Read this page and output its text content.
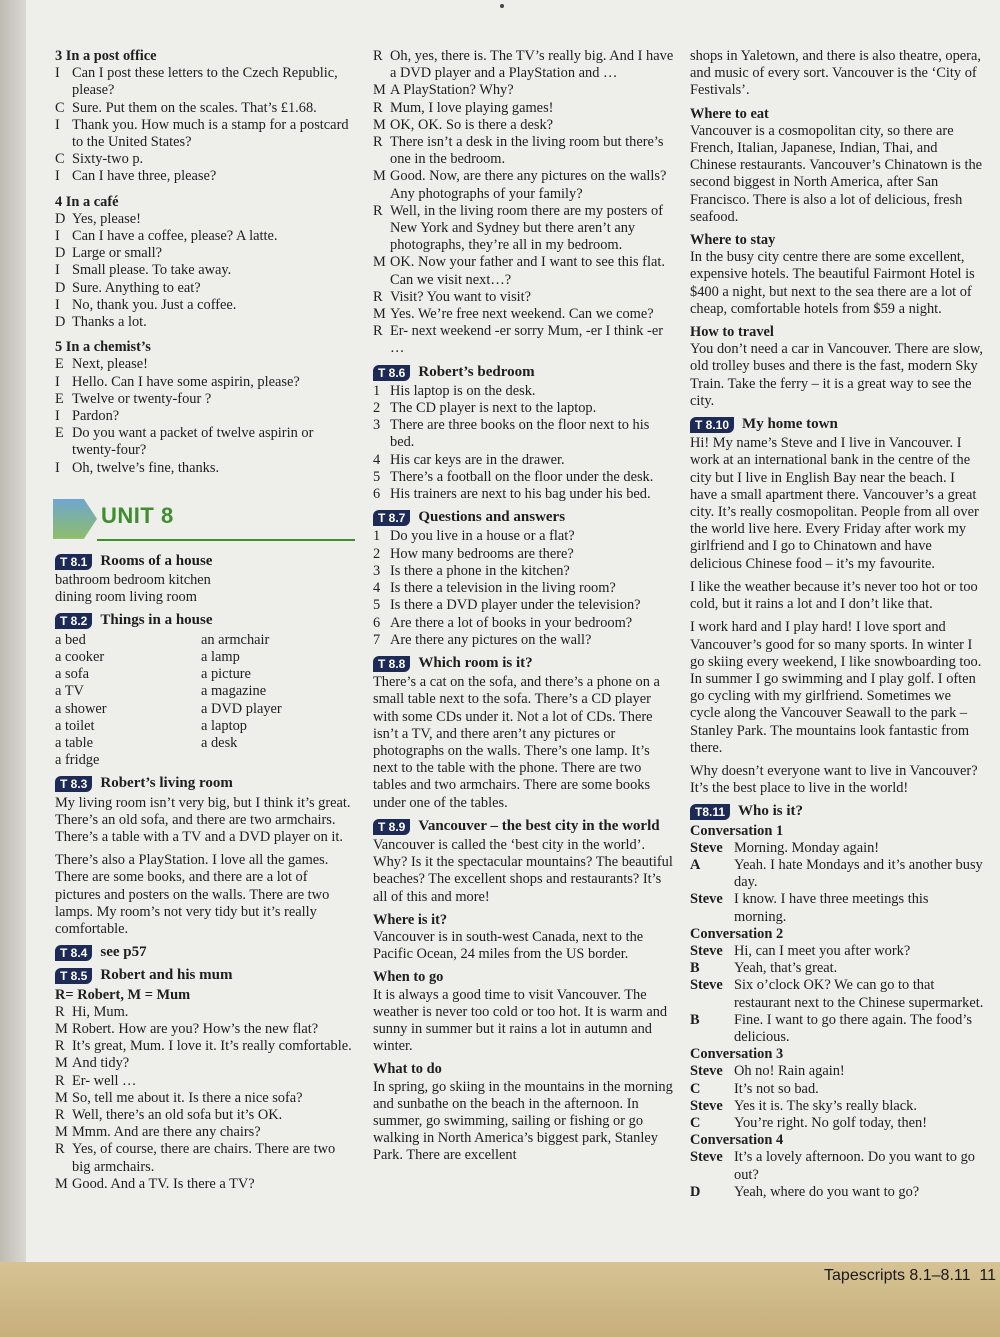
3 In a post office

I Can I post these letters to the Czech Republic, please?
C Sure. Put them on the scales. That’s £1.68.
I Thank you. How much is a stamp for a postcard to the United States?
C Sixty-two p.
I Can I have three, please?

4 In a café

D Yes, please!
I Can I have a coffee, please? A latte.
D Large or small?
I Small please. To take away.
D Sure. Anything to eat?
I No, thank you. Just a coffee.
D Thanks a lot.

5 In a chemist’s

E Next, please!
I Hello. Can I have some aspirin, please?
E Twelve or twenty-four ?
I Pardon?
E Do you want a packet of twelve aspirin or twenty-four?
I Oh, twelve’s fine, thanks.
UNIT 8
T 8.1 Rooms of a house

bathroom bedroom kitchen

dining room living room

T 8.2 Things in a house
a bed	an armchair
a cooker	a lamp
a sofa	a picture
a TV	a magazine
a shower	a DVD player
a toilet	a laptop
a table	a desk
a fridge
T 8.3 Robert’s living room

My living room isn’t very big, but I think it’s great. There’s an old sofa, and there are two armchairs. There’s a table with a TV and a DVD player on it.

There’s also a PlayStation. I love all the games. There are some books, and there are a lot of pictures and posters on the walls. There are two lamps. My room’s not very tidy but it’s really comfortable.

T 8.4 see p57
T 8.5 Robert and his mum

R= Robert, M = Mum

R Hi, Mum.
M Robert. How are you? How’s the new flat?
R It’s great, Mum. I love it. It’s really comfortable.
M And tidy?
R Er- well …
M So, tell me about it. Is there a nice sofa?
R Well, there’s an old sofa but it’s OK.
M Mmm. And are there any chairs?
R Yes, of course, there are chairs. There are two big armchairs.
M Good. And a TV. Is there a TV?
R Oh, yes, there is. The TV’s really big. And I have a DVD player and a PlayStation and …
M A PlayStation? Why?
R Mum, I love playing games!
M OK, OK. So is there a desk?
R There isn’t a desk in the living room but there’s one in the bedroom.
M Good. Now, are there any pictures on the walls? Any photographs of your family?
R Well, in the living room there are my posters of New York and Sydney but there aren’t any photographs, they’re all in my bedroom.
M OK. Now your father and I want to see this flat. Can we visit next…?
R Visit? You want to visit?
M Yes. We’re free next weekend. Can we come?
R Er- next weekend -er sorry Mum, -er I think -er …
T 8.6 Robert’s bedroom
1 His laptop is on the desk.
2 The CD player is next to the laptop.
3 There are three books on the floor next to his bed.
4 His car keys are in the drawer.
5 There’s a football on the floor under the desk.
6 His trainers are next to his bag under his bed.
T 8.7 Questions and answers
1 Do you live in a house or a flat?
2 How many bedrooms are there?
3 Is there a phone in the kitchen?
4 Is there a television in the living room?
5 Is there a DVD player under the television?
6 Are there a lot of books in your bedroom?
7 Are there any pictures on the wall?
T 8.8 Which room is it?

There’s a cat on the sofa, and there’s a phone on a small table next to the sofa. There’s a CD player with some CDs under it. Not a lot of CDs. There isn’t a TV, and there aren’t any pictures or photographs on the walls. There’s one lamp. It’s next to the table with the phone. There are two tables and two armchairs. There are some books under one of the tables.

T 8.9 Vancouver – the best city in the world

Vancouver is called the ‘best city in the world’. Why? Is it the spectacular mountains? The beautiful beaches? The excellent shops and restaurants? It’s all of this and more!

Where is it?

Vancouver is in south-west Canada, next to the Pacific Ocean, 24 miles from the US border.

When to go

It is always a good time to visit Vancouver. The weather is never too cold or too hot. It is warm and sunny in summer but it rains a lot in autumn and winter.

What to do

In spring, go skiing in the mountains in the morning and sunbathe on the beach in the afternoon. In summer, go swimming, sailing or fishing or go walking in North America’s biggest park, Stanley Park. There are excellent

shops in Yaletown, and there is also theatre, opera, and music of every sort. Vancouver is the ‘City of Festivals’.

Where to eat

Vancouver is a cosmopolitan city, so there are French, Italian, Japanese, Indian, Thai, and Chinese restaurants. Vancouver’s Chinatown is the second biggest in North America, after San Francisco. There is also a lot of delicious, fresh seafood.

Where to stay

In the busy city centre there are some excellent, expensive hotels. The beautiful Fairmont Hotel is $400 a night, but next to the sea there are a lot of cheap, comfortable hotels from $59 a night.

How to travel

You don’t need a car in Vancouver. There are slow, old trolley buses and there is the fast, modern Sky Train. Take the ferry – it is a great way to see the city.

T 8.10 My home town

Hi! My name’s Steve and I live in Vancouver. I work at an international bank in the centre of the city but I live in English Bay near the beach. I have a small apartment there. Vancouver’s a great city. It’s really cosmopolitan. People from all over the world live here. Every Friday after work my girlfriend and I go to Chinatown and have delicious Chinese food – it’s my favourite.

I like the weather because it’s never too hot or too cold, but it rains a lot and I don’t like that.

I work hard and I play hard! I love sport and Vancouver’s good for so many sports. In winter I go skiing every weekend, I like snowboarding too. In summer I go swimming and I play golf. I often go cycling with my girlfriend. Sometimes we cycle along the Vancouver Seawall to the park – Stanley Park. The mountains look fantastic from there.

Why doesn’t everyone want to live in Vancouver? It’s the best place to live in the world!

T8.11 Who is it?

Conversation 1

Steve Morning. Monday again!
A	Yeah. I hate Mondays and it’s another busy day.
Steve I know. I have three meetings this morning.

Conversation 2

Steve Hi, can I meet you after work?
B	Yeah, that’s great.
Steve Six o’clock OK? We can go to that restaurant next to the Chinese supermarket.
B	Fine. I want to go there again. The food’s delicious.

Conversation 3

Steve Oh no! Rain again!
C	It’s not so bad.
Steve Yes it is. The sky’s really black.
C	You’re right. No golf today, then!

Conversation 4

Steve It’s a lovely afternoon. Do you want to go out?
D	Yeah, where do you want to go?
Tapescripts 8.1–8.11 11
